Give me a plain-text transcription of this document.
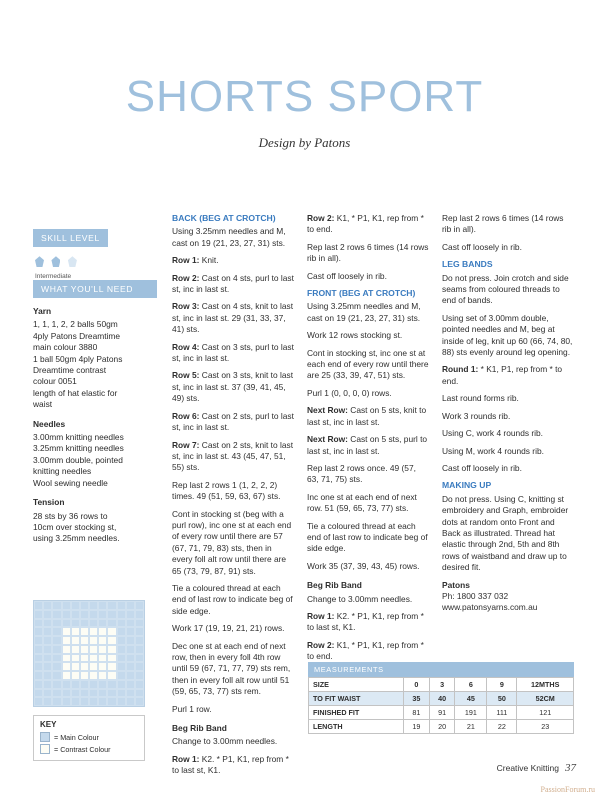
SHORTS SPORT
Design by Patons
SKILL LEVEL

Intermediate
WHAT YOU'LL NEED
Yarn

1, 1, 1, 2, 2 balls 50gm

4ply Patons Dreamtime

main colour 3880

1 ball 50gm 4ply Patons

Dreamtime contrast

colour 0051

length of hat elastic for

waist

Needles

3.00mm knitting needles

3.25mm knitting needles

3.00mm double, pointed

knitting needles

Wool sewing needle

Tension

28 sts by 36 rows to

10cm over stocking st,

using 3.25mm needles.

KEY
= Main Colour
= Contrast Colour
BACK (BEG AT CROTCH)

Using 3.25mm needles and M, cast on 19 (21, 23, 27, 31) sts.

Row 1: Knit.

Row 2: Cast on 4 sts, purl to last st, inc in last st.

Row 3: Cast on 4 sts, knit to last st, inc in last st. 29 (31, 33, 37, 41) sts.

Row 4: Cast on 3 sts, purl to last st, inc in last st.

Row 5: Cast on 3 sts, knit to last st, inc in last st. 37 (39, 41, 45, 49) sts.

Row 6: Cast on 2 sts, purl to last st, inc in last st.

Row 7: Cast on 2 sts, knit to last st, inc in last st. 43 (45, 47, 51, 55) sts.

Rep last 2 rows 1 (1, 2, 2, 2) times. 49 (51, 59, 63, 67) sts.

Cont in stocking st (beg with a purl row), inc one st at each end of every row until there are 57 (67, 71, 79, 83) sts, then in every foll alt row until there are 65 (73, 79, 87, 91) sts.

Tie a coloured thread at each end of last row to indicate beg of side edge.

Work 17 (19, 19, 21, 21) rows.

Dec one st at each end of next row, then in every foll 4th row until 59 (67, 71, 77, 79) sts rem, then in every foll alt row until 51 (59, 65, 73, 77) sts rem.

Purl 1 row.

Beg Rib Band

Change to 3.00mm needles.

Row 1: K2. * P1, K1, rep from * to last st, K1.

Row 2: K1, * P1, K1, rep from * to end.

Rep last 2 rows 6 times (14 rows rib in all).

Cast off loosely in rib.

FRONT (BEG AT CROTCH)

Using 3.25mm needles and M, cast on 19 (21, 23, 27, 31) sts.

Work 12 rows stocking st.

Cont in stocking st, inc one st at each end of every row until there are 25 (33, 39, 47, 51) sts.

Purl 1 (0, 0, 0, 0) rows.

Next Row: Cast on 5 sts, knit to last st, inc in last st.

Next Row: Cast on 5 sts, purl to last st, inc in last st.

Rep last 2 rows once. 49 (57, 63, 71, 75) sts.

Inc one st at each end of next row. 51 (59, 65, 73, 77) sts.

Tie a coloured thread at each end of last row to indicate beg of side edge.

Work 35 (37, 39, 43, 45) rows.

Beg Rib Band

Change to 3.00mm needles.

Row 1: K2. * P1, K1, rep from * to last st, K1.

Row 2: K1, * P1, K1, rep from * to end.

Rep last 2 rows 6 times (14 rows rib in all).

Cast off loosely in rib.

LEG BANDS

Do not press. Join crotch and side seams from coloured threads to end of bands.

Using set of 3.00mm double, pointed needles and M, beg at inside of leg, knit up 60 (66, 74, 80, 88) sts evenly around leg opening.

Round 1: * K1, P1, rep from * to end.

Last round forms rib.

Work 3 rounds rib.

Using C, work 4 rounds rib.

Using M, work 4 rounds rib.

Cast off loosely in rib.

MAKING UP

Do not press. Using C, knitting st embroidery and Graph, embroider dots at random onto Front and Back as illustrated. Thread hat elastic through 2nd, 5th and 8th rows of waistband and draw up to desired fit.

Patons

Ph: 1800 337 032

www.patonsyarns.com.au

MEASUREMENTS
SIZE	0	3	6	9	12MTHS
TO FIT WAIST	35	40	45	50	52CM
FINISHED FIT	81	91	191	111	121
LENGTH	19	20	21	22	23
Creative Knitting 37
PassionForum.ru
